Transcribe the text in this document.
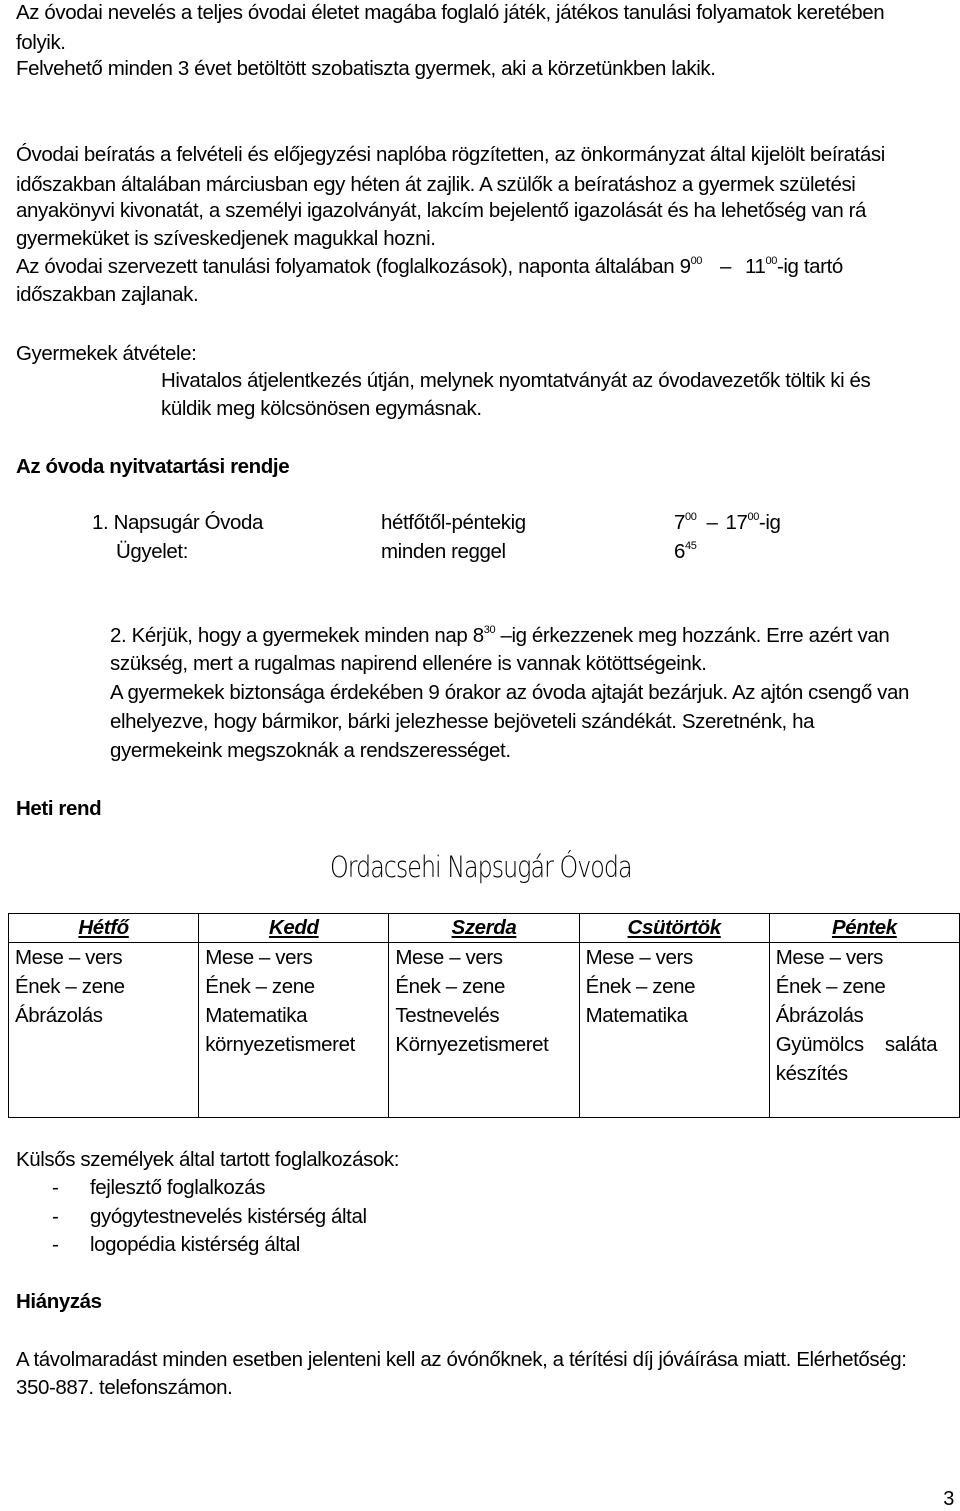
Az óvodai nevelés a teljes óvodai életet magába foglaló játék, játékos tanulási folyamatok keretében
folyik.
Felvehető minden 3 évet betöltött szobatiszta gyermek, aki a körzetünkben lakik.
Óvodai beíratás a felvételi és előjegyzési naplóba rögzítetten, az önkormányzat által kijelölt beíratási
időszakban általában márciusban egy héten át zajlik. A szülők a beíratáshoz a gyermek születési
anyakönyvi kivonatát, a személyi igazolványát, lakcím bejelentő igazolását és ha lehetőség van rá
gyermeküket is szíveskedjenek magukkal hozni.
Az óvodai szervezett tanulási folyamatok (foglalkozások), naponta általában $9^{00} - 11^{00}-ig$ tartó
időszakban zajlanak.
Gyermekek átvétele:
Hivatalos átjelentkezés útján, melynek nyomtatványát az óvodavezetők töltik ki és
küldik meg kölcsönösen egymásnak.
Az óvoda nyitvatartási rendje
1. Napsugár Óvoda	hétfőtől-péntekig	$7^{00} - 17^{00}-ig$
Ügyelet:	minden reggel	$6^{45}$
2. Kérjük, hogy a gyermekek minden nap $8^{30}$ –ig érkezzenek meg hozzánk. Erre azért van
szükség, mert a rugalmas napirend ellenére is vannak kötöttségeink.
A gyermekek biztonsága érdekében 9 órakor az óvoda ajtaját bezárjuk. Az ajtón csengő van
elhelyezve, hogy bármikor, bárki jelezhesse bejöveteli szándékát. Szeretnénk, ha
gyermekeink megszoknák a rendszerességet.
Heti rend
Ordacsehi Napsugár Óvoda
Hétfő	Kedd	Szerda	Csütörtök	Péntek

Mese – vers
Ének – zene
Ábrázolás	Mese – vers
Ének – zene
Matematika
környezetismeret	Mese – vers
Ének – zene
Testnevelés
Környezetismeret	Mese – vers
Ének – zene
Matematika	Mese – vers
Ének – zene
Ábrázolás
Gyümölcs    saláta
készítés
Külsős személyek által tartott foglalkozások:
- fejlesztő foglalkozás
- gyógytestnevelés kistérség által
- logopédia kistérség által
Hiányzás
A távolmaradást minden esetben jelenteni kell az óvónőknek, a térítési díj jóváírása miatt. Elérhetőség:
350-887. telefonszámon.
3
